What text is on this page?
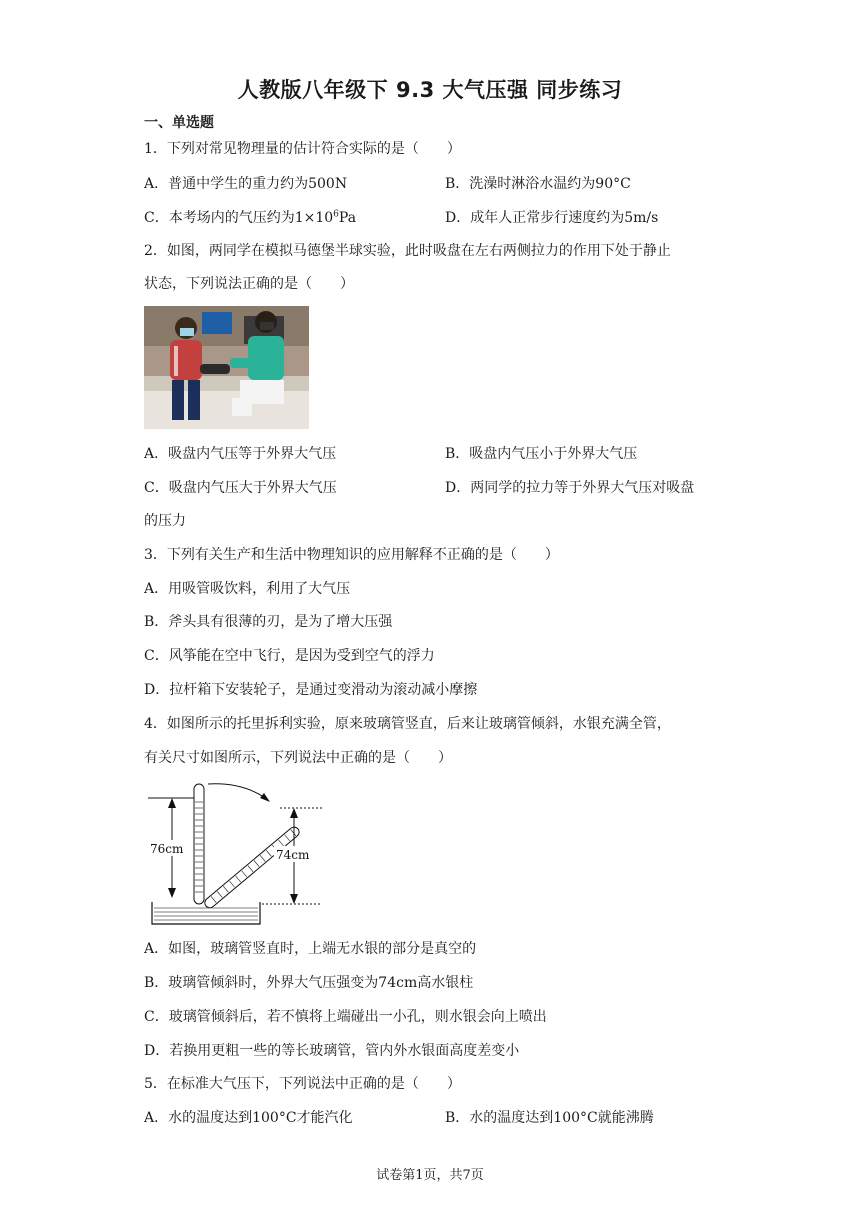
人教版八年级下 9.3 大气压强 同步练习
一、单选题
1．下列对常见物理量的估计符合实际的是（　　）
A．普通中学生的重力约为500N	B．洗澡时淋浴水温约为90°C
C．本考场内的气压约为$1\times 10^6Pa$	D．成年人正常步行速度约为5m/s
2．如图，两同学在模拟马德堡半球实验，此时吸盘在左右两侧拉力的作用下处于静止
状态，下列说法正确的是（　　）
A．吸盘内气压等于外界大气压	B．吸盘内气压小于外界大气压
C．吸盘内气压大于外界大气压	D．两同学的拉力等于外界大气压对吸盘
的压力
3．下列有关生产和生活中物理知识的应用解释不正确的是（　　）
A．用吸管吸饮料，利用了大气压
B．斧头具有很薄的刃，是为了增大压强
C．风筝能在空中飞行，是因为受到空气的浮力
D．拉杆箱下安装轮子，是通过变滑动为滚动减小摩擦
4．如图所示的托里拆利实验，原来玻璃管竖直，后来让玻璃管倾斜，水银充满全管，
有关尺寸如图所示，下列说法中正确的是（　　）
76cm	74cm
A．如图，玻璃管竖直时，上端无水银的部分是真空的
B．玻璃管倾斜时，外界大气压强变为74cm高水银柱
C．玻璃管倾斜后，若不慎将上端碰出一小孔，则水银会向上喷出
D．若换用更粗一些的等长玻璃管，管内外水银面高度差变小
5．在标准大气压下，下列说法中正确的是（　　）
A．水的温度达到100°C才能汽化	B．水的温度达到100°C就能沸腾
试卷第1页，共7页
